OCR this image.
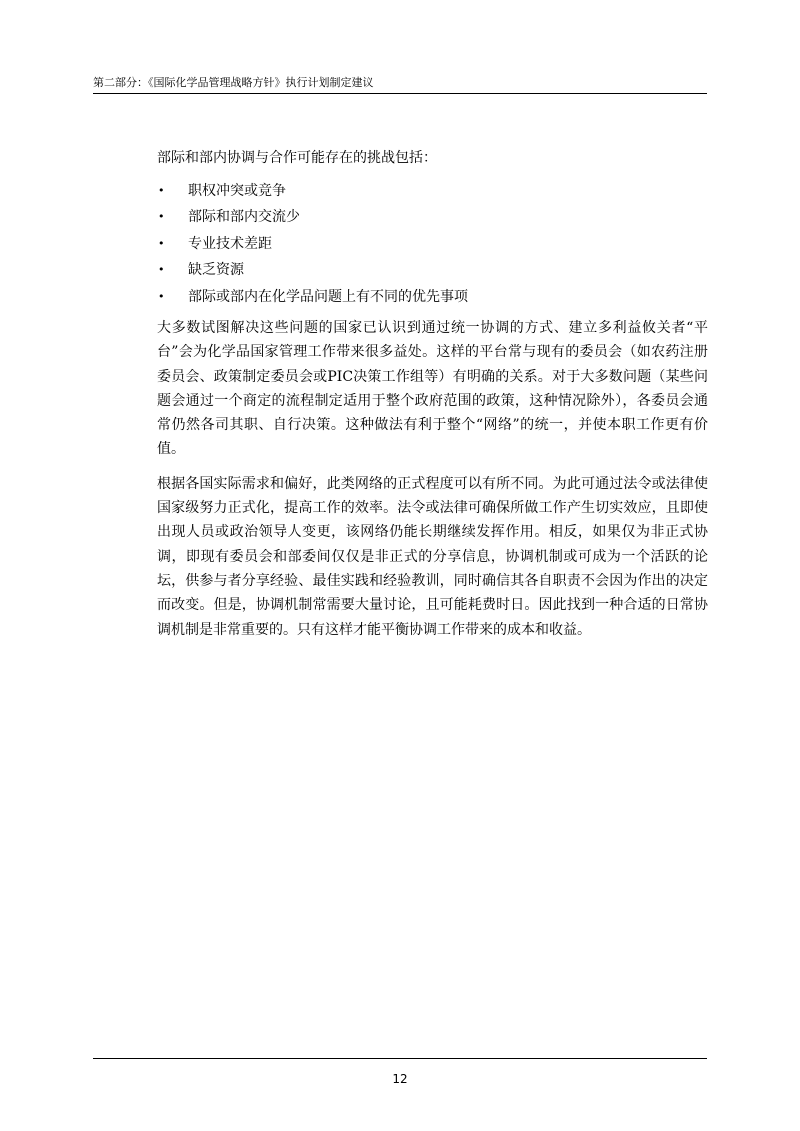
第二部分：《国际化学品管理战略方针》执行计划制定建议

部际和部内协调与合作可能存在的挑战包括：

• 职权冲突或竞争
• 部际和部内交流少
• 专业技术差距
• 缺乏资源
• 部际或部内在化学品问题上有不同的优先事项

大多数试图解决这些问题的国家已认识到通过统一协调的方式、建立多利益攸关者“平台”会为化学品国家管理工作带来很多益处。这样的平台常与现有的委员会（如农药注册委员会、政策制定委员会或PIC决策工作组等）有明确的关系。对于大多数问题（某些问题会通过一个商定的流程制定适用于整个政府范围的政策，这种情况除外），各委员会通常仍然各司其职、自行决策。这种做法有利于整个“网络”的统一，并使本职工作更有价值。

根据各国实际需求和偏好，此类网络的正式程度可以有所不同。为此可通过法令或法律使国家级努力正式化，提高工作的效率。法令或法律可确保所做工作产生切实效应，且即使出现人员或政治领导人变更，该网络仍能长期继续发挥作用。相反，如果仅为非正式协调，即现有委员会和部委间仅仅是非正式的分享信息，协调机制或可成为一个活跃的论坛，供参与者分享经验、最佳实践和经验教训，同时确信其各自职责不会因为作出的决定而改变。但是，协调机制常需要大量讨论，且可能耗费时日。因此找到一种合适的日常协调机制是非常重要的。只有这样才能平衡协调工作带来的成本和收益。

12
